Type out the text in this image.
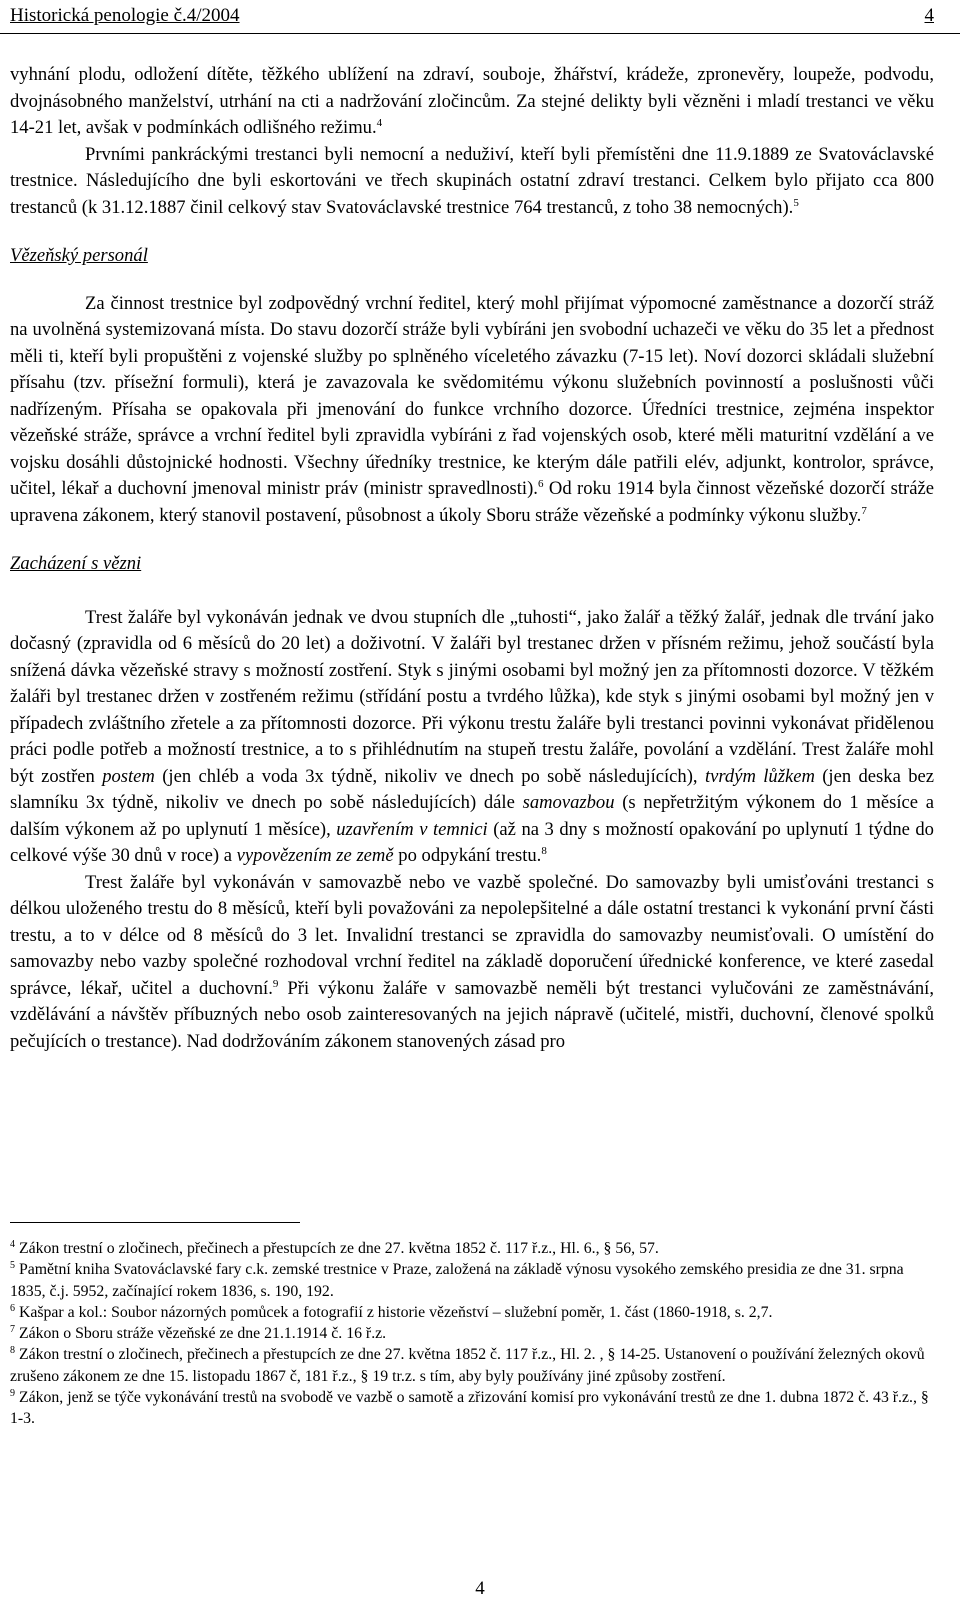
Historická penologie č.4/2004	4

vyhnání plodu, odložení dítěte, těžkého ublížení na zdraví, souboje, žhářství, krádeže, zpronevěry, loupeže, podvodu, dvojnásobného manželství, utrhání na cti a nadržování zločincům. Za stejné delikty byli vězněni i mladí trestanci ve věku 14-21 let, avšak v podmínkách odlišného režimu.$^4$

Prvními pankráckými trestanci byli nemocní a neduživí, kteří byli přemístěni dne 11.9.1889 ze Svatováclavské trestnice. Následujícího dne byli eskortováni ve třech skupinách ostatní zdraví trestanci. Celkem bylo přijato cca 800 trestanců (k 31.12.1887 činil celkový stav Svatováclavské trestnice 764 trestanců, z toho 38 nemocných).$^5$

Vězeňský personál

Za činnost trestnice byl zodpovědný vrchní ředitel, který mohl přijímat výpomocné zaměstnance a dozorčí stráž na uvolněná systemizovaná místa. Do stavu dozorčí stráže byli vybíráni jen svobodní uchazeči ve věku do 35 let a přednost měli ti, kteří byli propuštěni z vojenské služby po splněného víceletého závazku (7-15 let). Noví dozorci skládali služební přísahu (tzv. přísežní formuli), která je zavazovala ke svědomitému výkonu služebních povinností a poslušnosti vůči nadřízeným. Přísaha se opakovala při jmenování do funkce vrchního dozorce. Úředníci trestnice, zejména inspektor vězeňské stráže, správce a vrchní ředitel byli zpravidla vybíráni z řad vojenských osob, které měli maturitní vzdělání a ve vojsku dosáhli důstojnické hodnosti. Všechny úředníky trestnice, ke kterým dále patřili elév, adjunkt, kontrolor, správce, učitel, lékař a duchovní jmenoval ministr práv (ministr spravedlnosti).$^6$ Od roku 1914 byla činnost vězeňské dozorčí stráže upravena zákonem, který stanovil postavení, působnost a úkoly Sboru stráže vězeňské a podmínky výkonu služby.$^7$

Zacházení s vězni

Trest žaláře byl vykonáván jednak ve dvou stupních dle „tuhosti“, jako žalář a těžký žalář, jednak dle trvání jako dočasný (zpravidla od 6 měsíců do 20 let) a doživotní. V žaláři byl trestanec držen v přísném režimu, jehož součástí byla snížená dávka vězeňské stravy s možností zostření. Styk s jinými osobami byl možný jen za přítomnosti dozorce. V těžkém žaláři byl trestanec držen v zostřeném režimu (střídání postu a tvrdého lůžka), kde styk s jinými osobami byl možný jen v případech zvláštního zřetele a za přítomnosti dozorce. Při výkonu trestu žaláře byli trestanci povinni vykonávat přidělenou práci podle potřeb a možností trestnice, a to s přihlédnutím na stupeň trestu žaláře, povolání a vzdělání. Trest žaláře mohl být zostřen postem (jen chléb a voda 3x týdně, nikoliv ve dnech po sobě následujících), tvrdým lůžkem (jen deska bez slamníku 3x týdně, nikoliv ve dnech po sobě následujících) dále samovazbou (s nepřetržitým výkonem do 1 měsíce a dalším výkonem až po uplynutí 1 měsíce), uzavřením v temnici (až na 3 dny s možností opakování po uplynutí 1 týdne do celkové výše 30 dnů v roce) a vypovězením ze země po odpykání trestu.$^8$

Trest žaláře byl vykonáván v samovazbě nebo ve vazbě společné. Do samovazby byli umisťováni trestanci s délkou uloženého trestu do 8 měsíců, kteří byli považováni za nepolepšitelné a dále ostatní trestanci k vykonání první části trestu, a to v délce od 8 měsíců do 3 let. Invalidní trestanci se zpravidla do samovazby neumisťovali. O umístění do samovazby nebo vazby společné rozhodoval vrchní ředitel na základě doporučení úřednické konference, ve které zasedal správce, lékař, učitel a duchovní.$^9$ Při výkonu žaláře v samovazbě neměli být trestanci vylučováni ze zaměstnávání, vzdělávání a návštěv příbuzných nebo osob zainteresovaných na jejich nápravě (učitelé, mistři, duchovní, členové spolků pečujících o trestance). Nad dodržováním zákonem stanovených zásad pro

$^4$ Zákon trestní o zločinech, přečinech a přestupcích ze dne 27. května 1852 č. 117 ř.z., Hl. 6., § 56, 57.

$^5$ Pamětní kniha Svatováclavské fary c.k. zemské trestnice v Praze, založená na základě výnosu vysokého zemského presidia ze dne 31. srpna 1835, č.j. 5952, začínající rokem 1836, s. 190, 192.

$^6$ Kašpar a kol.: Soubor názorných pomůcek a fotografií z historie vězeňství – služební poměr, 1. část (1860-1918, s. 2,7.

$^7$ Zákon o Sboru stráže vězeňské ze dne 21.1.1914 č. 16 ř.z.

$^8$ Zákon trestní o zločinech, přečinech a přestupcích ze dne 27. května 1852 č. 117 ř.z., Hl. 2. , § 14-25. Ustanovení o používání železných okovů zrušeno zákonem ze dne 15. listopadu 1867 č, 181 ř.z., § 19 tr.z. s tím, aby byly používány jiné způsoby zostření.

$^9$ Zákon, jenž se týče vykonávání trestů na svobodě ve vazbě o samotě a zřizování komisí pro vykonávání trestů ze dne 1. dubna 1872 č. 43 ř.z., § 1-3.

4
